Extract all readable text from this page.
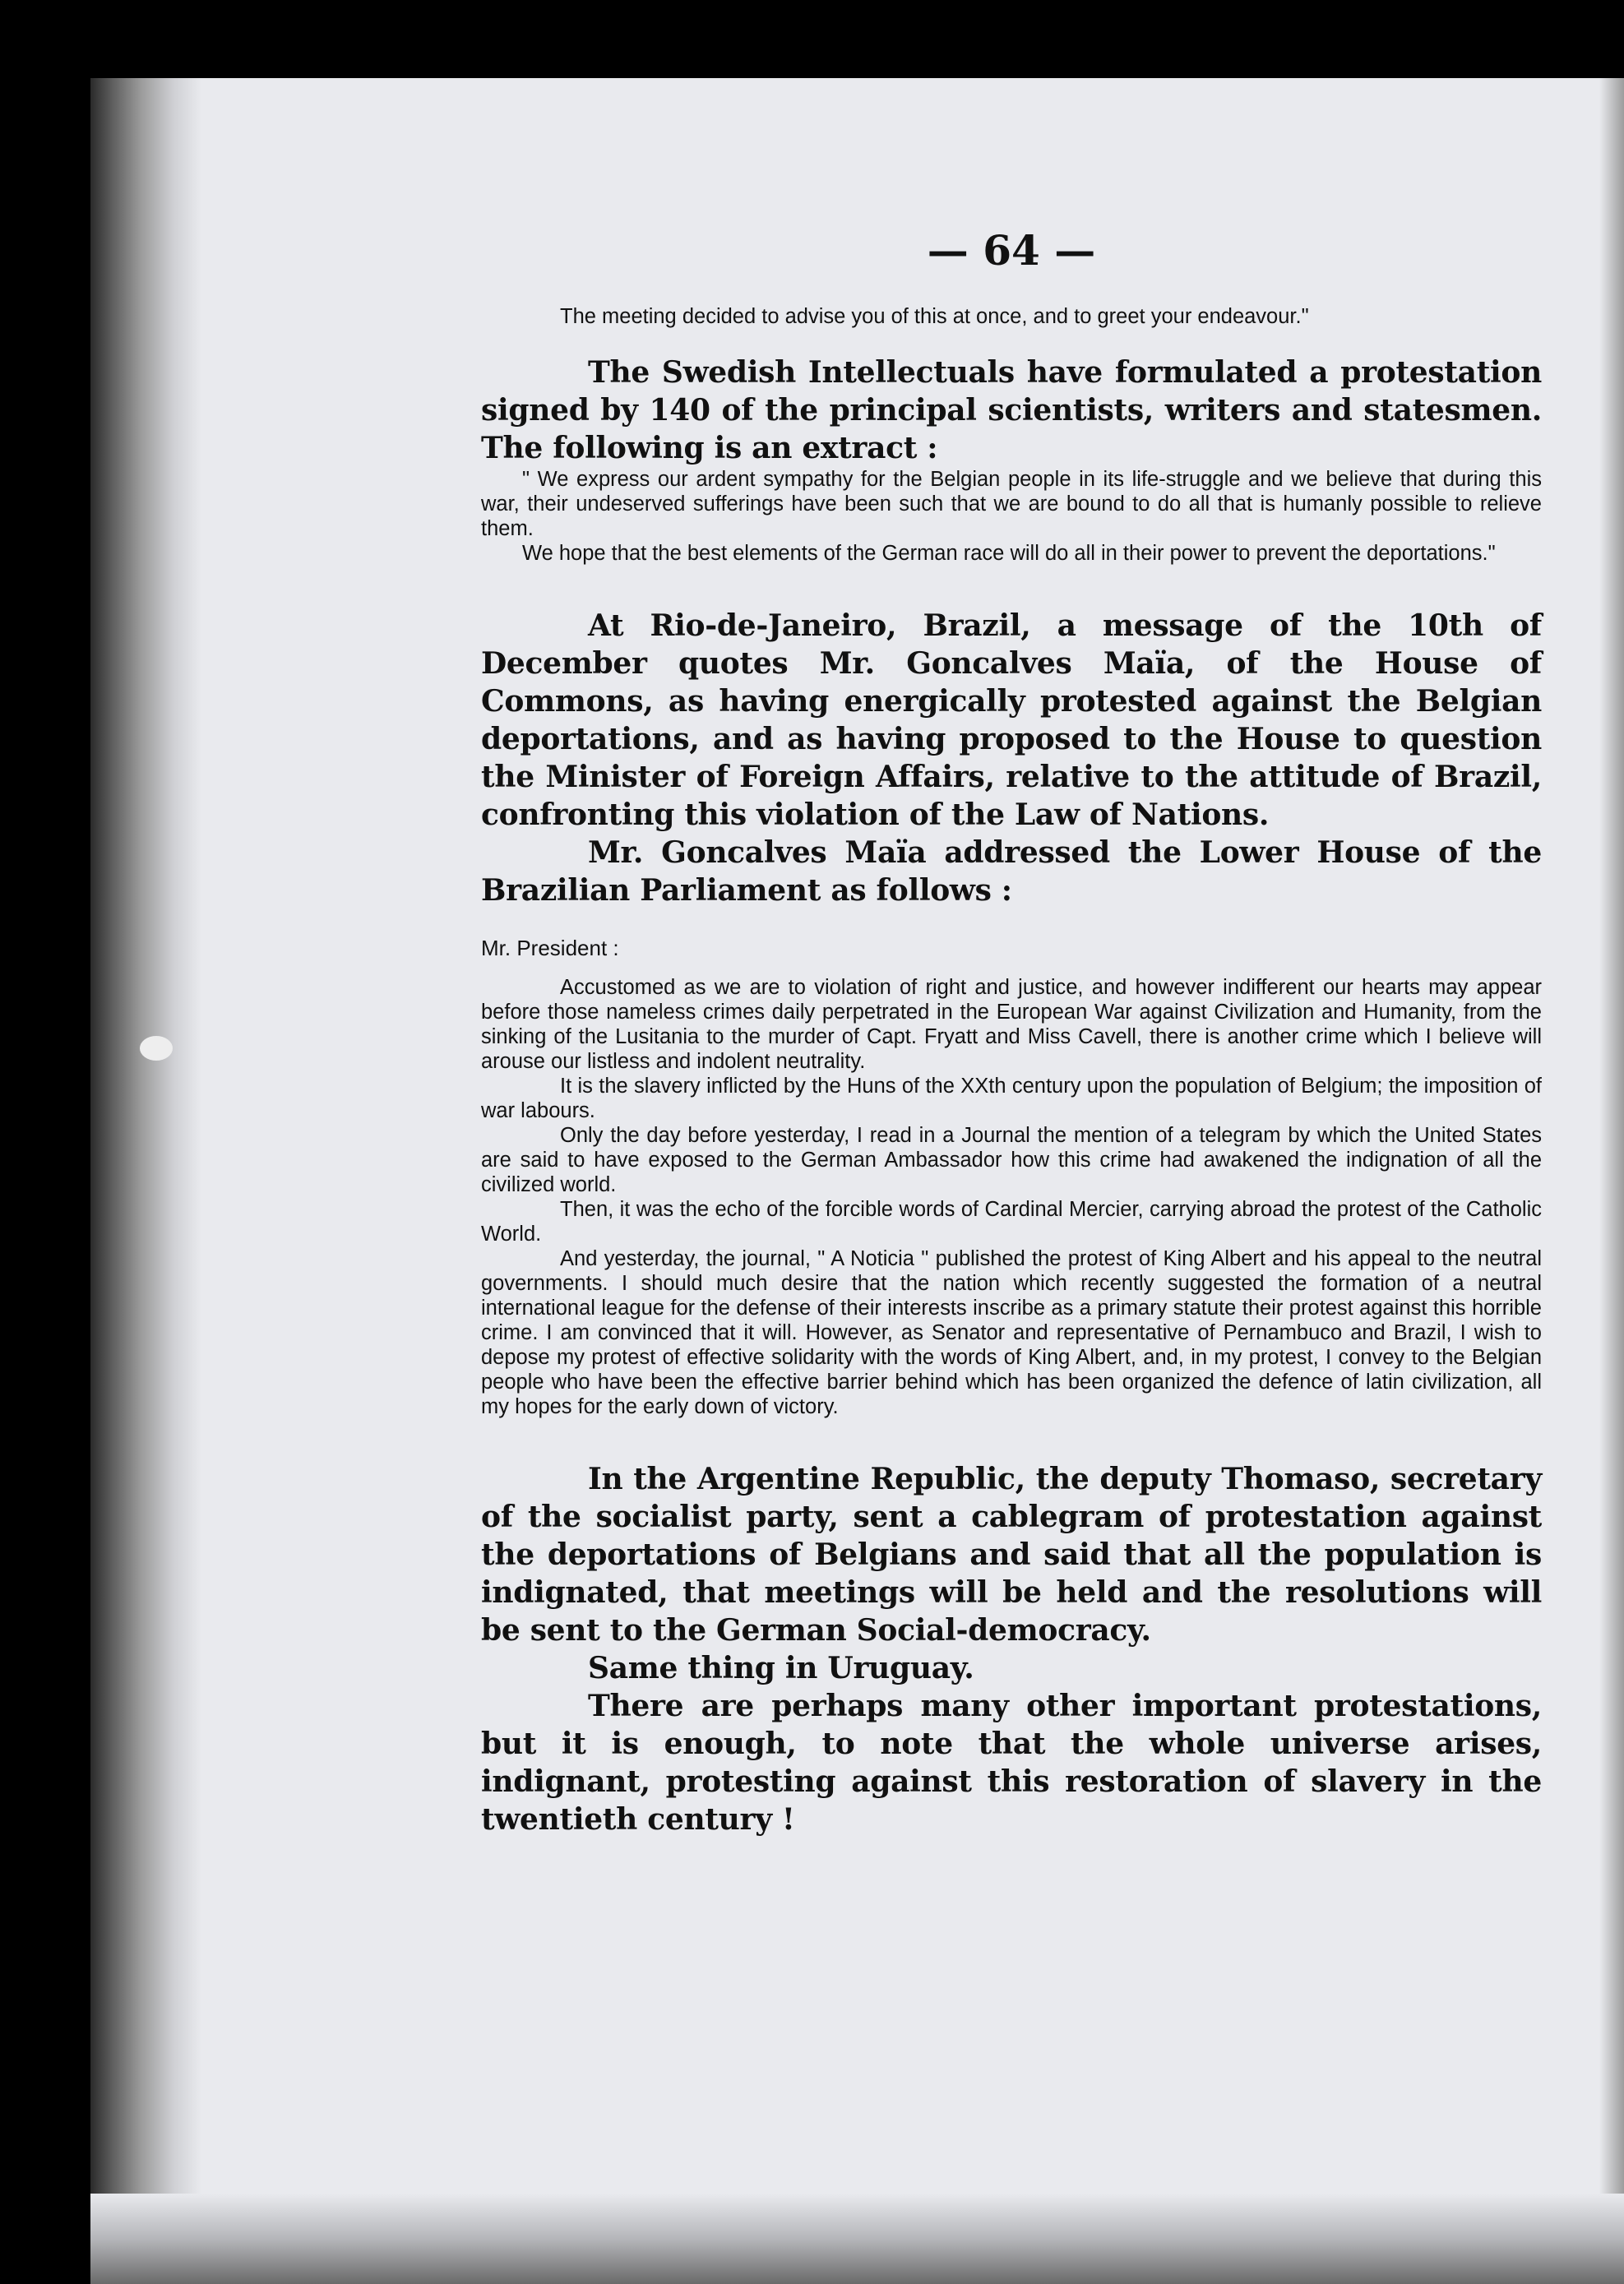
— 64 —

The meeting decided to advise you of this at once, and to greet your endeavour."

The Swedish Intellectuals have formulated a protestation signed by 140 of the principal scientists, writers and statesmen. The following is an extract :

" We express our ardent sympathy for the Belgian people in its life-struggle and we believe that during this war, their undeserved sufferings have been such that we are bound to do all that is humanly possible to relieve them.

We hope that the best elements of the German race will do all in their power to prevent the deportations."

At Rio-de-Janeiro, Brazil, a message of the 10th of December quotes Mr. Goncalves Maïa, of the House of Commons, as having energically protested against the Belgian deportations, and as having proposed to the House to question the Minister of Foreign Affairs, relative to the attitude of Brazil, confronting this violation of the Law of Nations.

Mr. Goncalves Maïa addressed the Lower House of the Brazilian Parliament as follows :

Mr. President :

Accustomed as we are to violation of right and justice, and however indifferent our hearts may appear before those nameless crimes daily perpetrated in the European War against Civilization and Humanity, from the sinking of the Lusitania to the murder of Capt. Fryatt and Miss Cavell, there is another crime which I believe will arouse our listless and indolent neutrality.

It is the slavery inflicted by the Huns of the XXth century upon the population of Belgium; the imposition of war labours.

Only the day before yesterday, I read in a Journal the mention of a telegram by which the United States are said to have exposed to the German Ambassador how this crime had awakened the indignation of all the civilized world.

Then, it was the echo of the forcible words of Cardinal Mercier, carrying abroad the protest of the Catholic World.

And yesterday, the journal, " A Noticia " published the protest of King Albert and his appeal to the neutral governments. I should much desire that the nation which recently suggested the formation of a neutral international league for the defense of their interests inscribe as a primary statute their protest against this horrible crime. I am convinced that it will. However, as Senator and representative of Pernambuco and Brazil, I wish to depose my protest of effective solidarity with the words of King Albert, and, in my protest, I convey to the Belgian people who have been the effective barrier behind which has been organized the defence of latin civilization, all my hopes for the early down of victory.

In the Argentine Republic, the deputy Thomaso, secretary of the socialist party, sent a cablegram of protestation against the deportations of Belgians and said that all the population is indignated, that meetings will be held and the resolutions will be sent to the German Social-democracy.

Same thing in Uruguay.

There are perhaps many other important protestations, but it is enough, to note that the whole universe arises, indignant, protesting against this restoration of slavery in the twentieth century !
